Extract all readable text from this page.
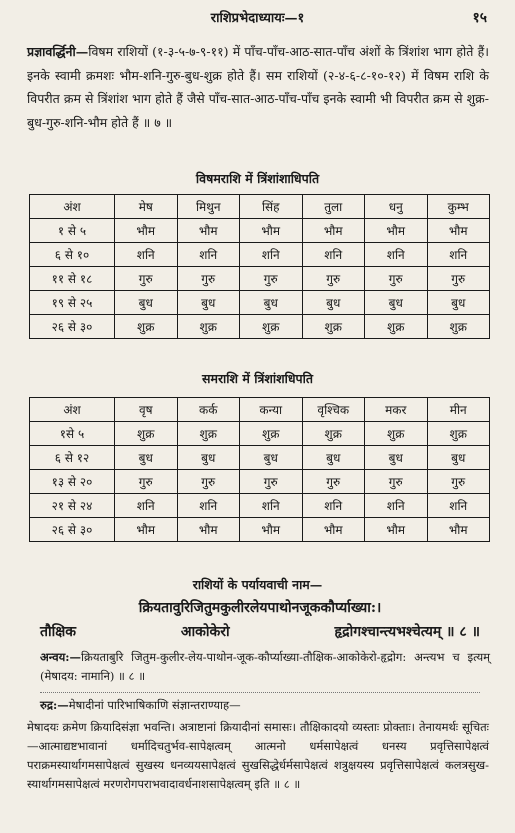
राशिप्रभेदाध्यायः—१	१५
प्रज्ञावर्द्धिनी—विषम राशियों (१-३-५-७-९-११) में पाँच-पाँच-आठ-सात-पाँच अंशों के त्रिंशांश भाग होते हैं। इनके स्वामी क्रमशः भौम-शनि-गुरु-बुध-शुक्र होते हैं। सम राशियों (२-४-६-८-१०-१२) में विषम राशि के विपरीत क्रम से त्रिंशांश भाग होते हैं जैसे पाँच-सात-आठ-पाँच-पाँच इनके स्वामी भी विपरीत क्रम से शुक्र-बुध-गुरु-शनि-भौम होते हैं ॥ ७ ॥
विषमराशि में त्रिंशांशाधिपति
अंश	मेष	मिथुन	सिंह	तुला	धनु	कुम्भ
१ से ५	भौम	भौम	भौम	भौम	भौम	भौम
६ से १०	शनि	शनि	शनि	शनि	शनि	शनि
११ से १८	गुरु	गुरु	गुरु	गुरु	गुरु	गुरु
१९ से २५	बुध	बुध	बुध	बुध	बुध	बुध
२६ से ३०	शुक्र	शुक्र	शुक्र	शुक्र	शुक्र	शुक्र
समराशि में त्रिंशांशधिपति
अंश	वृष	कर्क	कन्या	वृश्चिक	मकर	मीन
१से ५	शुक्र	शुक्र	शुक्र	शुक्र	शुक्र	शुक्र
६ से १२	बुध	बुध	बुध	बुध	बुध	बुध
१३ से २०	गुरु	गुरु	गुरु	गुरु	गुरु	गुरु
२१ से २४	शनि	शनि	शनि	शनि	शनि	शनि
२६ से ३०	भौम	भौम	भौम	भौम	भौम	भौम
राशियों के पर्यायवाची नाम—
क्रियतावुरिजितुमकुलीरलेयपाथोनजूककौर्प्याख्या:।
तौक्षिक	आकोकेरो	हृद्रोगश्चान्त्यभश्चेत्यम् ॥ ८ ॥
अन्वय:—क्रियताबुरि जितुम-कुलीर-लेय-पाथोन-जूक-कौर्प्याख्या-तौक्षिक-आकोकेरो-हृद्रोग: अन्त्यभ च इत्यम् (मेषादय: नामानि) ॥ ८ ॥
रुद्र:—मेषादीनां पारिभाषिकाणि संज्ञान्तराण्याह—
मेषादयः क्रमेण क्रियादिसंज्ञा भवन्ति। अत्राष्टानां क्रियादीनां समासः। तौक्षिकादयो व्यस्ताः प्रोक्ताः। तेनायमर्थः सूचितः—आत्माद्यष्टभावानां धर्मादिचतुर्भव-सापेक्षत्वम् आत्मनो धर्मसापेक्षत्वं धनस्य प्रवृत्तिसापेक्षत्वं पराक्रमस्यार्थागमसापेक्षत्वं सुखस्य धनव्ययसापेक्षत्वं सुखसिद्धेर्धर्मसापेक्षत्वं शत्रुक्षयस्य प्रवृत्तिसापेक्षत्वं कलत्रसुख-स्यार्थागमसापेक्षत्वं मरणरोगपराभवादावर्धनाशसापेक्षत्वम् इति ॥ ८ ॥
